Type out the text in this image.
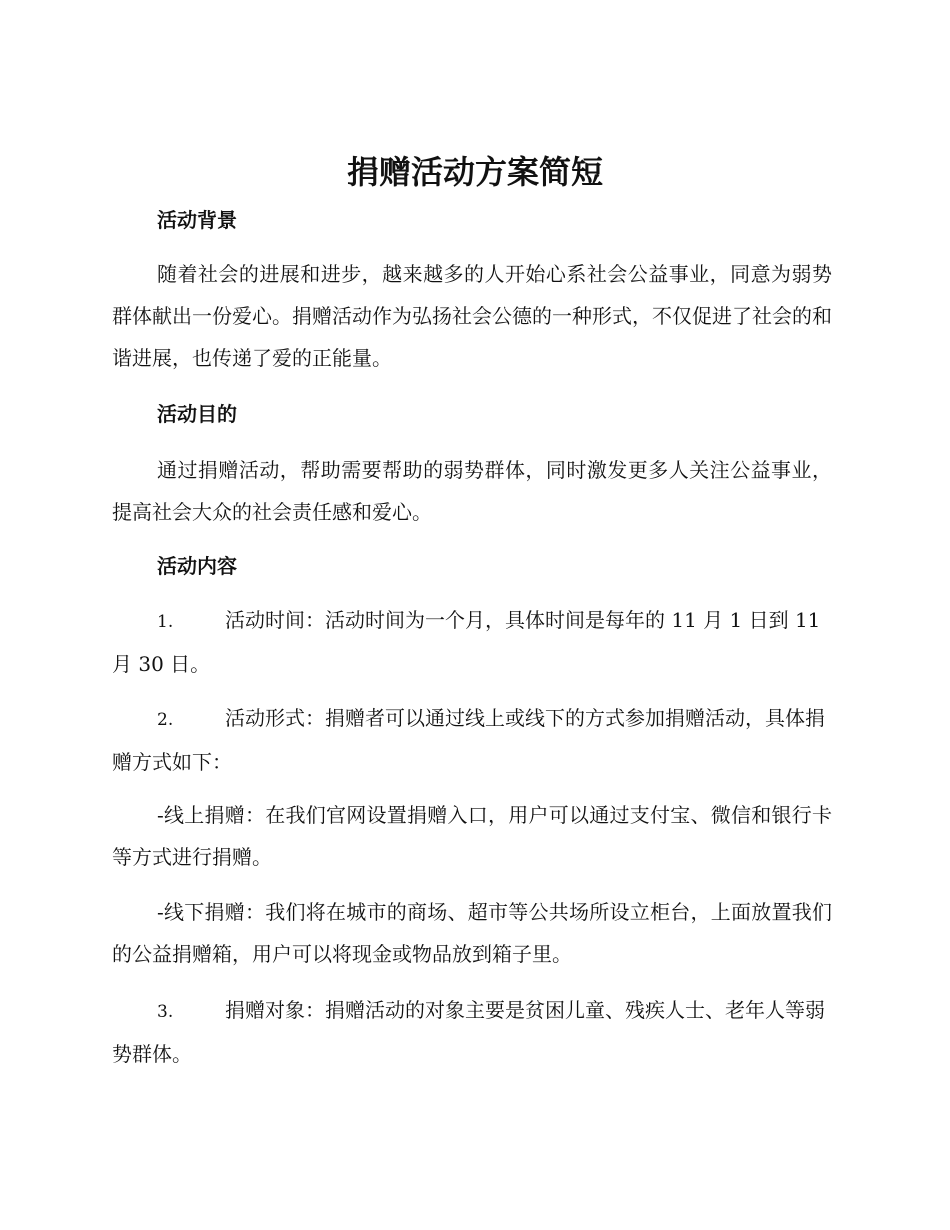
捐赠活动方案简短
活动背景

随着社会的进展和进步，越来越多的人开始心系社会公益事业，同意为弱势群体献出一份爱心。捐赠活动作为弘扬社会公德的一种形式，不仅促进了社会的和谐进展，也传递了爱的正能量。

活动目的

通过捐赠活动，帮助需要帮助的弱势群体，同时激发更多人关注公益事业，提高社会大众的社会责任感和爱心。

活动内容

1.	活动时间：活动时间为一个月，具体时间是每年的 11 月 1 日到 11 月 30 日。

2.	活动形式：捐赠者可以通过线上或线下的方式参加捐赠活动，具体捐赠方式如下：

-线上捐赠：在我们官网设置捐赠入口，用户可以通过支付宝、微信和银行卡等方式进行捐赠。

-线下捐赠：我们将在城市的商场、超市等公共场所设立柜台，上面放置我们的公益捐赠箱，用户可以将现金或物品放到箱子里。

3.	捐赠对象：捐赠活动的对象主要是贫困儿童、残疾人士、老年人等弱势群体。
